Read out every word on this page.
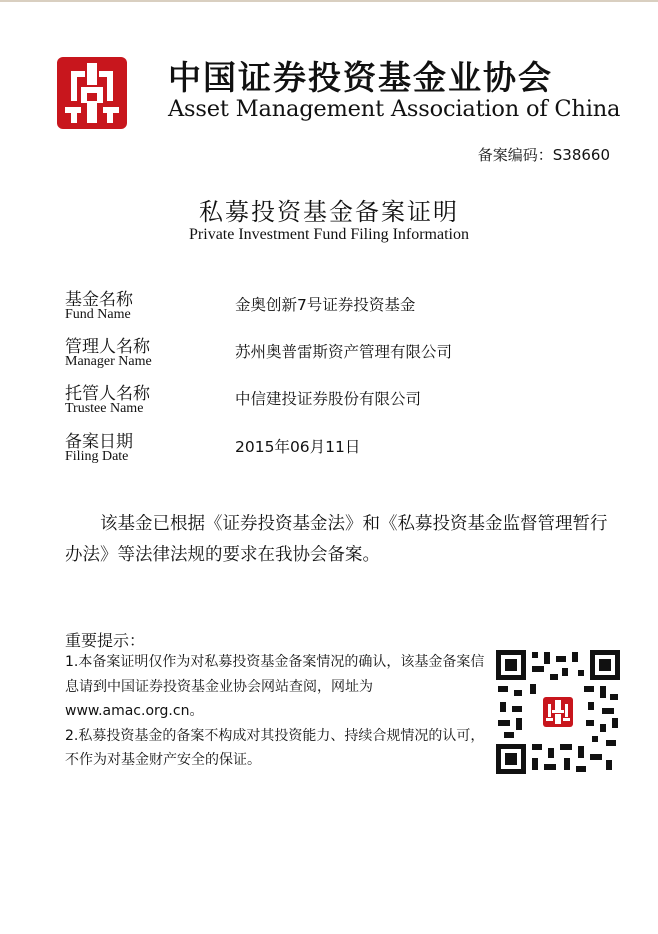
中国证券投资基金业协会
Asset Management Association of China
备案编码：S38660
私募投资基金备案证明
Private Investment Fund Filing Information
基金名称
Fund Name
金奥创新7号证券投资基金
管理人名称
Manager Name
苏州奥普雷斯资产管理有限公司
托管人名称
Trustee Name
中信建投证券股份有限公司
备案日期
Filing Date
2015年06月11日
该基金已根据《证券投资基金法》和《私募投资基金监督管理暂行办法》等法律法规的要求在我协会备案。
重要提示：
1.本备案证明仅作为对私募投资基金备案情况的确认，该基金备案信息请到中国证券投资基金业协会网站查阅，网址为www.amac.org.cn。
2.私募投资基金的备案不构成对其投资能力、持续合规情况的认可，不作为对基金财产安全的保证。
